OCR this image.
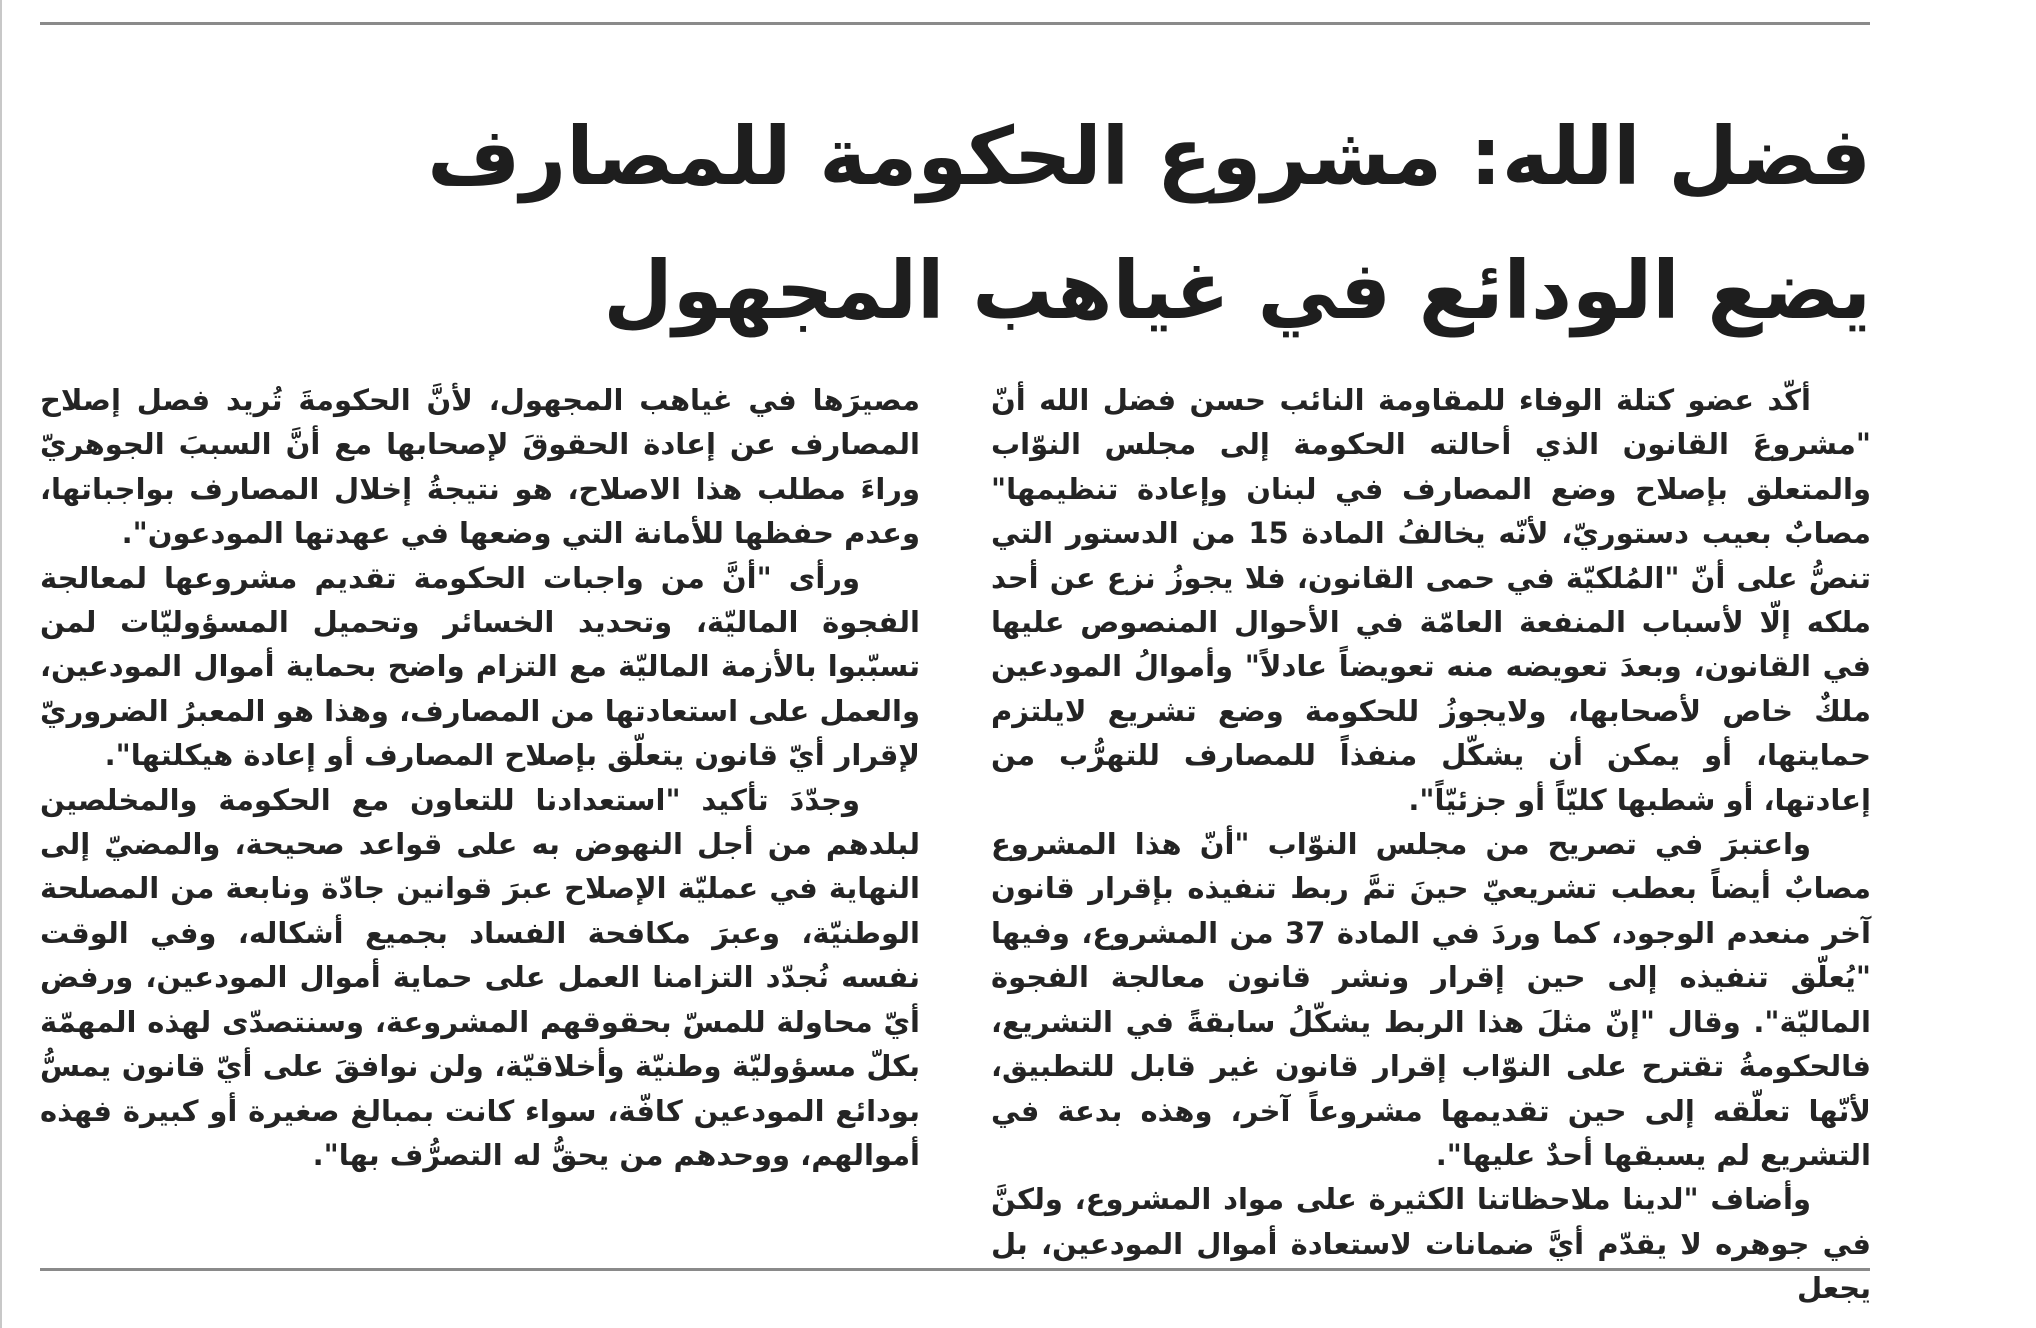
فضل الله: مشروع الحكومة للمصارف
يضع الودائع في غياهب المجهول

أكّد عضو كتلة الوفاء للمقاومة النائب حسن فضل الله أنّ "مشروعَ القانون الذي أحالته الحكومة إلى مجلس النوّاب والمتعلق بإصلاح وضع المصارف في لبنان وإعادة تنظيمها" مصابٌ بعيب دستوريّ، لأنّه يخالفُ المادة 15 من الدستور التي تنصُّ على أنّ "المُلكيّة في حمى القانون، فلا يجوزُ نزع عن أحد ملكه إلّا لأسباب المنفعة العامّة في الأحوال المنصوص عليها في القانون، وبعدَ تعويضه منه تعويضاً عادلاً" وأموالُ المودعين ملكٌ خاص لأصحابها، ولايجوزُ للحكومة وضع تشريع لايلتزم حمايتها، أو يمكن أن يشكّل منفذاً للمصارف للتهرُّب من إعادتها، أو شطبها كليّاً أو جزئيّاً".

واعتبرَ في تصريح من مجلس النوّاب "أنّ هذا المشروع مصابٌ أيضاً بعطب تشريعيّ حينَ تمَّ ربط تنفيذه بإقرار قانون آخر منعدم الوجود، كما وردَ في المادة 37 من المشروع، وفيها "يُعلّق تنفيذه إلى حين إقرار ونشر قانون معالجة الفجوة الماليّة". وقال "إنّ مثلَ هذا الربط يشكّلُ سابقةً في التشريع، فالحكومةُ تقترح على النوّاب إقرار قانون غير قابل للتطبيق، لأنّها تعلّقه إلى حين تقديمها مشروعاً آخر، وهذه بدعة في التشريع لم يسبقها أحدٌ عليها".

وأضاف "لدينا ملاحظاتنا الكثيرة على مواد المشروع، ولكنَّ في جوهره لا يقدّم أيَّ ضمانات لاستعادة أموال المودعين، بل يجعل

مصيرَها في غياهب المجهول، لأنَّ الحكومةَ تُريد فصل إصلاح المصارف عن إعادة الحقوقَ لإصحابها مع أنَّ السببَ الجوهريّ وراءَ مطلب هذا الاصلاح، هو نتيجةُ إخلال المصارف بواجباتها، وعدم حفظها للأمانة التي وضعها في عهدتها المودعون".

ورأى "أنَّ من واجبات الحكومة تقديم مشروعها لمعالجة الفجوة الماليّة، وتحديد الخسائر وتحميل المسؤوليّات لمن تسبّبوا بالأزمة الماليّة مع التزام واضح بحماية أموال المودعين، والعمل على استعادتها من المصارف، وهذا هو المعبرُ الضروريّ لإقرار أيّ قانون يتعلّق بإصلاح المصارف أو إعادة هيكلتها".

وجدّدَ تأكيد "استعدادنا للتعاون مع الحكومة والمخلصين لبلدهم من أجل النهوض به على قواعد صحيحة، والمضيّ إلى النهاية في عمليّة الإصلاح عبرَ قوانين جادّة ونابعة من المصلحة الوطنيّة، وعبرَ مكافحة الفساد بجميع أشكاله، وفي الوقت نفسه نُجدّد التزامنا العمل على حماية أموال المودعين، ورفض أيّ محاولة للمسّ بحقوقهم المشروعة، وسنتصدّى لهذه المهمّة بكلّ مسؤوليّة وطنيّة وأخلاقيّة، ولن نوافقَ على أيّ قانون يمسُّ بودائع المودعين كافّة، سواء كانت بمبالغ صغيرة أو كبيرة فهذه أموالهم، ووحدهم من يحقُّ له التصرُّف بها".
